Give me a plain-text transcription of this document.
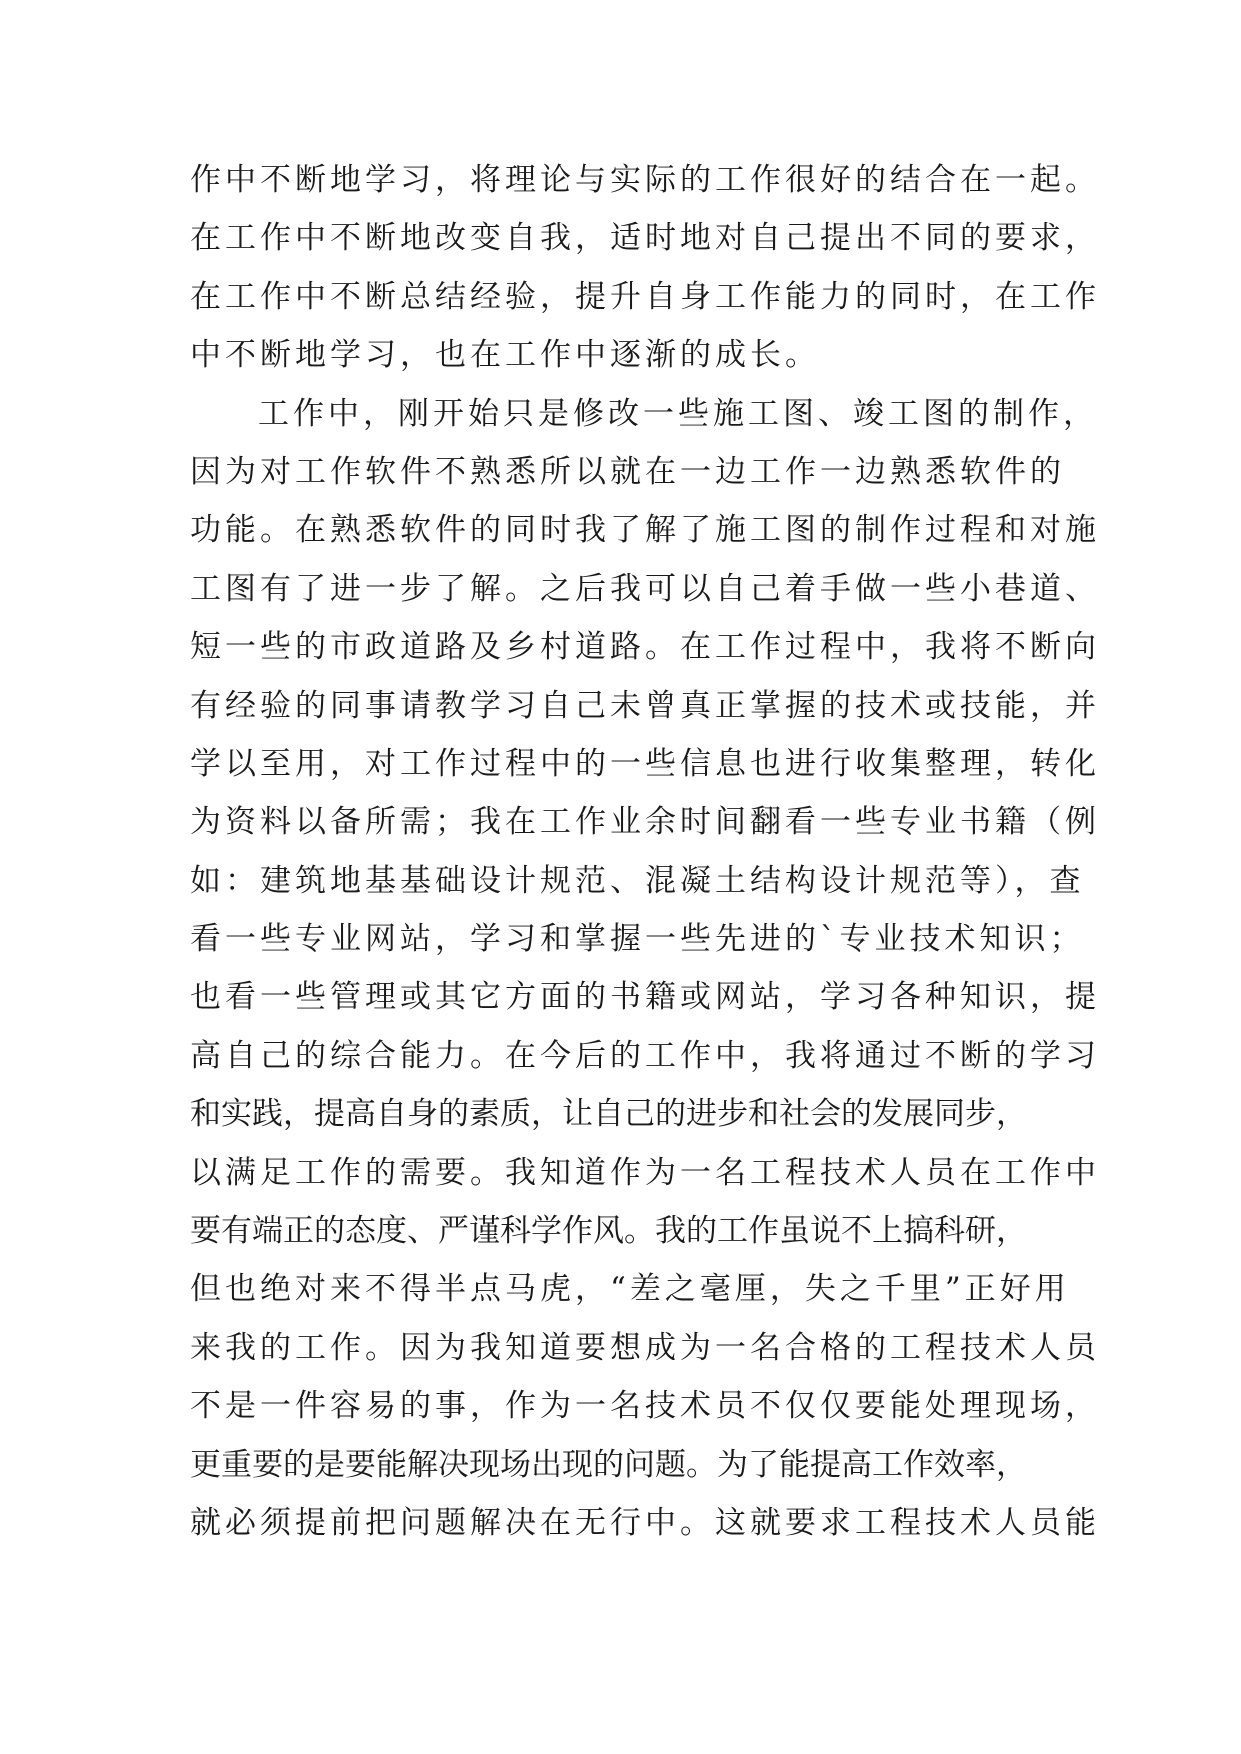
作中不断地学习，将理论与实际的工作很好的结合在一起。
在工作中不断地改变自我，适时地对自己提出不同的要求，
在工作中不断总结经验，提升自身工作能力的同时，在工作
中不断地学习，也在工作中逐渐的成长。
工作中，刚开始只是修改一些施工图、竣工图的制作，
因为对工作软件不熟悉所以就在一边工作一边熟悉软件的
功能。在熟悉软件的同时我了解了施工图的制作过程和对施
工图有了进一步了解。之后我可以自己着手做一些小巷道、
短一些的市政道路及乡村道路。在工作过程中，我将不断向
有经验的同事请教学习自己未曾真正掌握的技术或技能，并
学以至用，对工作过程中的一些信息也进行收集整理，转化
为资料以备所需；我在工作业余时间翻看一些专业书籍（例
如：建筑地基基础设计规范、混凝土结构设计规范等），查
看一些专业网站，学习和掌握一些先进的`专业技术知识；
也看一些管理或其它方面的书籍或网站，学习各种知识，提
高自己的综合能力。在今后的工作中，我将通过不断的学习
和实践，提高自身的素质，让自己的进步和社会的发展同步，
以满足工作的需要。我知道作为一名工程技术人员在工作中
要有端正的态度、严谨科学作风。我的工作虽说不上搞科研，
但也绝对来不得半点马虎，“差之毫厘，失之千里”正好用
来我的工作。因为我知道要想成为一名合格的工程技术人员
不是一件容易的事，作为一名技术员不仅仅要能处理现场，
更重要的是要能解决现场出现的问题。为了能提高工作效率，
就必须提前把问题解决在无行中。这就要求工程技术人员能
